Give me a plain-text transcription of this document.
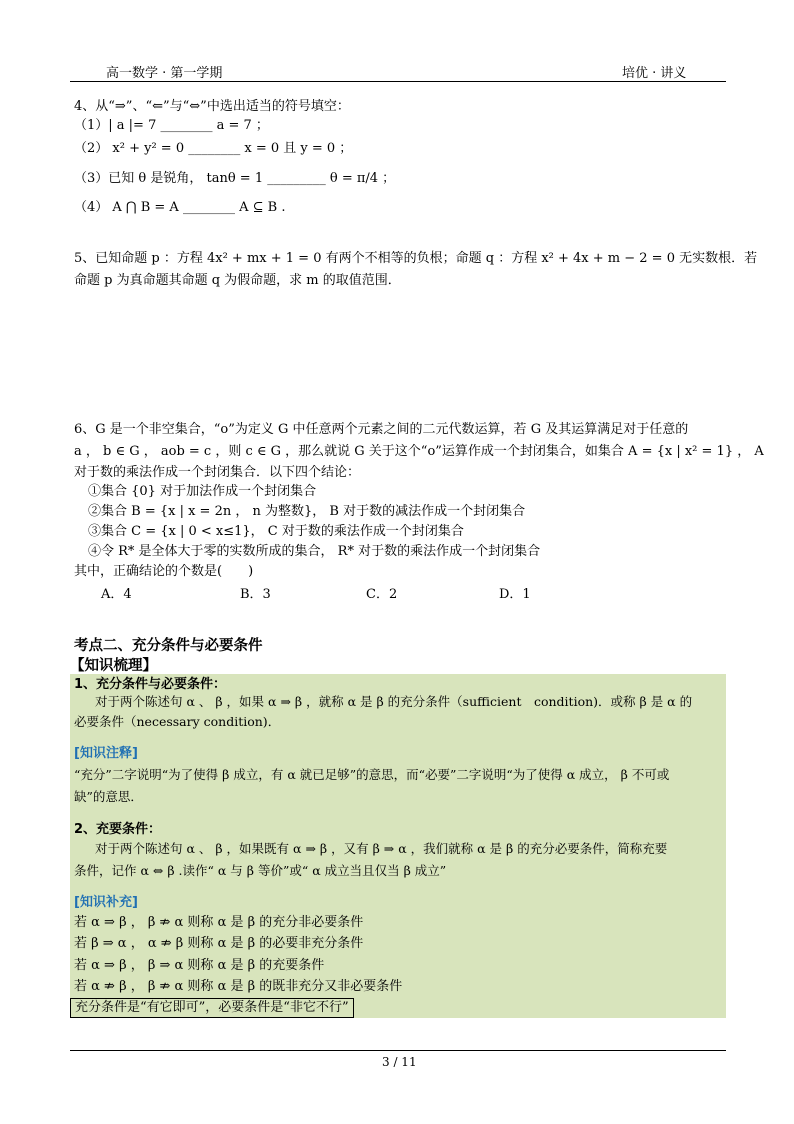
高一数学 · 第一学期	培优 · 讲义
4、从“⇒”、“⇐”与“⇔”中选出适当的符号填空：
（1）| a |= 7 ________ a = 7 ；
（2） x² + y² = 0 ________ x = 0 且 y = 0 ；
（3）已知 θ 是锐角， tanθ = 1 _________ θ = π/4 ；
（4） A ⋂ B = A ________ A ⊆ B .
5、已知命题 p ：方程 4x² + mx + 1 = 0 有两个不相等的负根；命题 q ：方程 x² + 4x + m − 2 = 0 无实数根．若
命题 p 为真命题其命题 q 为假命题，求 m 的取值范围．
6、G 是一个非空集合，“o”为定义 G 中任意两个元素之间的二元代数运算，若 G 及其运算满足对于任意的
a ， b ∈ G ， aob = c ，则 c ∈ G ，那么就说 G 关于这个“o”运算作成一个封闭集合，如集合 A = {x | x² = 1} ， A
对于数的乘法作成一个封闭集合．以下四个结论：
①集合 {0} 对于加法作成一个封闭集合
②集合 B = {x | x = 2n ， n 为整数}， B 对于数的减法作成一个封闭集合
③集合 C = {x | 0 < x≤1}， C 对于数的乘法作成一个封闭集合
④令 R* 是全体大于零的实数所成的集合， R* 对于数的乘法作成一个封闭集合
其中，正确结论的个数是(　　)
A．4	B．3	C．2	D．1
考点二、充分条件与必要条件
【知识梳理】
1、充分条件与必要条件：
对于两个陈述句 α 、 β ，如果 α ⇒ β ，就称 α 是 β 的充分条件（sufficient　condition)．或称 β 是 α 的
必要条件（necessary condition)．
[知识注释]
“充分”二字说明“为了使得 β 成立，有 α 就已足够”的意思，而“必要”二字说明“为了使得 α 成立， β 不可或
缺”的意思．
2、充要条件：
对于两个陈述句 α 、 β ，如果既有 α ⇒ β ，又有 β ⇒ α ，我们就称 α 是 β 的充分必要条件，简称充要
条件，记作 α ⇔ β .读作“ α 与 β 等价”或“ α 成立当且仅当 β 成立”
[知识补充]
若 α ⇒ β ， β ⇏ α 则称 α 是 β 的充分非必要条件
若 β ⇒ α ， α ⇏ β 则称 α 是 β 的必要非充分条件
若 α ⇒ β ， β ⇒ α 则称 α 是 β 的充要条件
若 α ⇏ β ， β ⇏ α 则称 α 是 β 的既非充分又非必要条件
充分条件是“有它即可”，必要条件是“非它不行”
3 / 11
